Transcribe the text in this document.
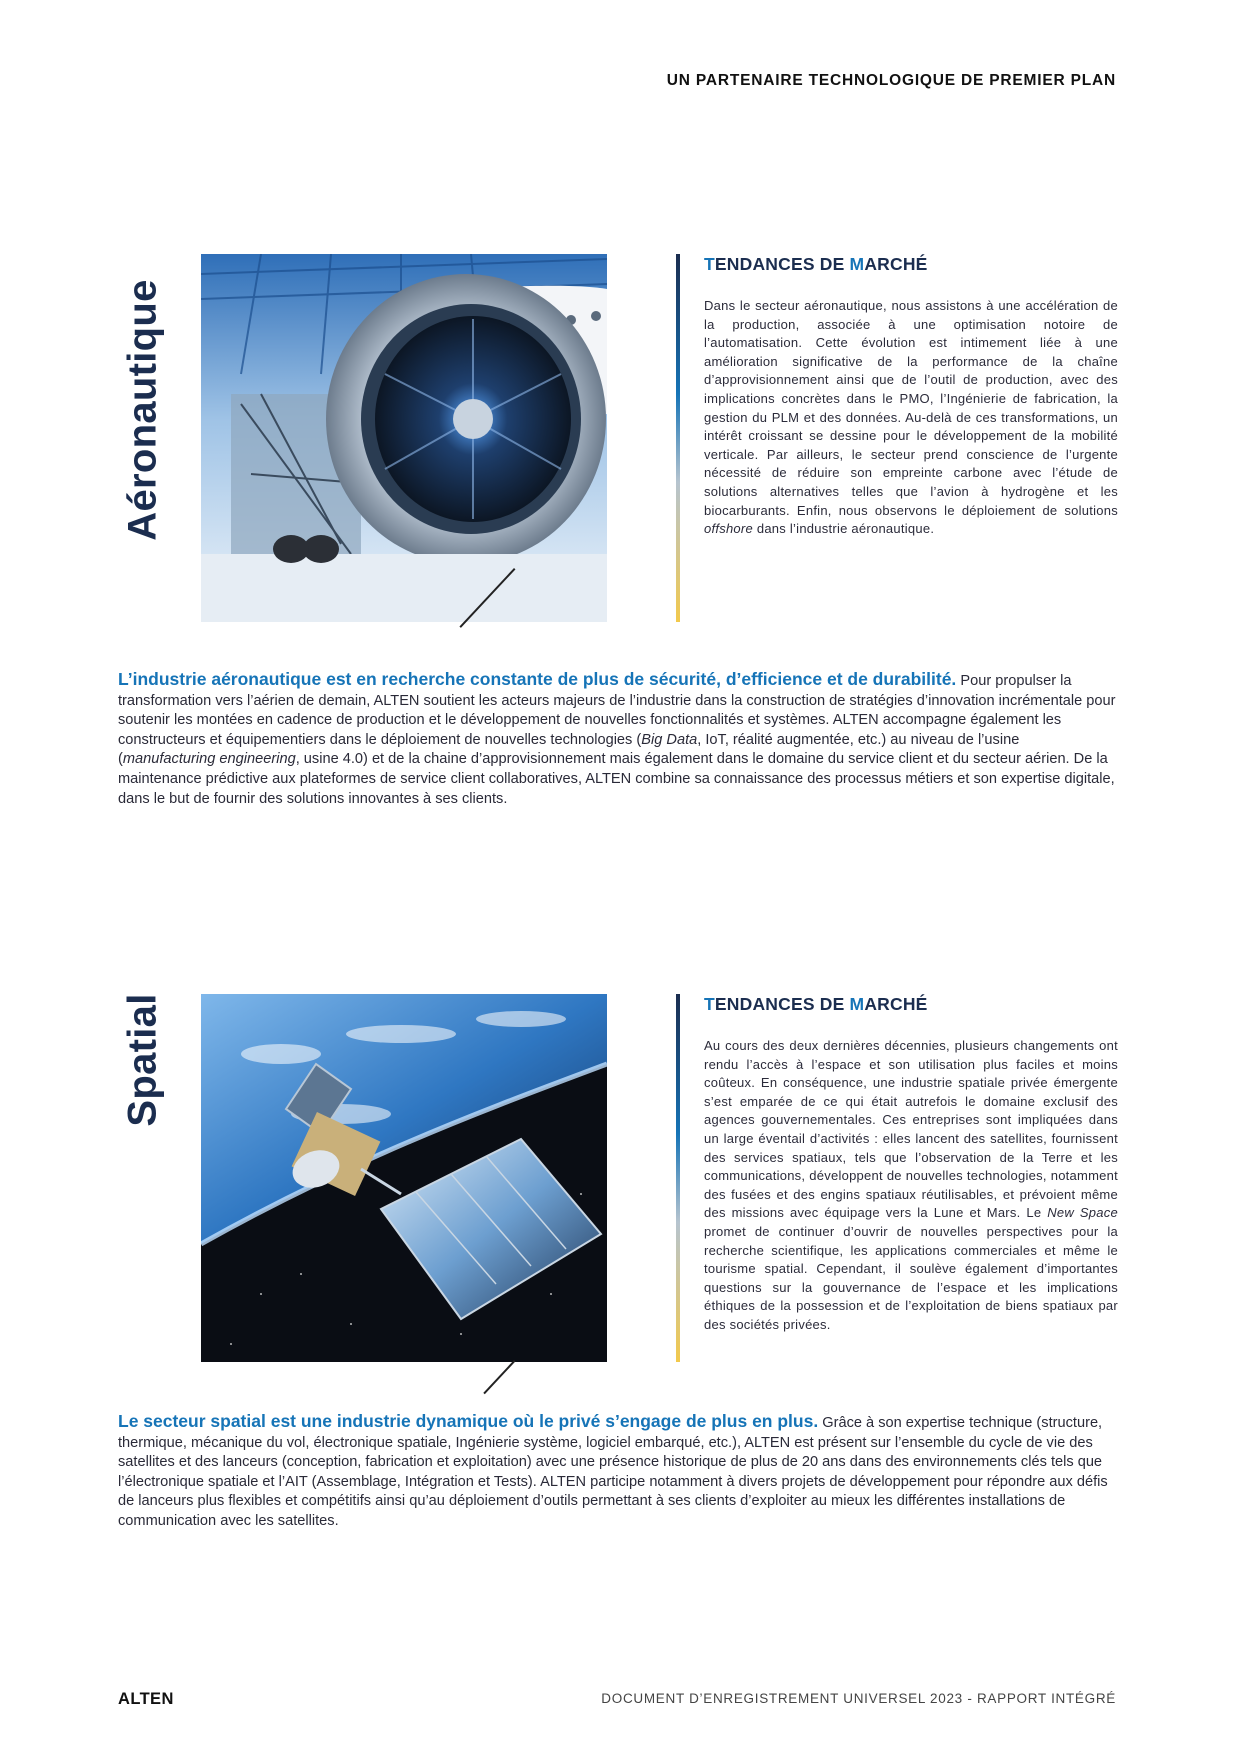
UN PARTENAIRE TECHNOLOGIQUE DE PREMIER PLAN
Aéronautique
TENDANCES DE MARCHÉ

Dans le secteur aéronautique, nous assistons à une accélération de la production, associée à une optimisation notoire de l’automatisation. Cette évolution est intimement liée à une amélioration significative de la performance de la chaîne d’approvisionnement ainsi que de l’outil de production, avec des implications concrètes dans le PMO, l’Ingénierie de fabrication, la gestion du PLM et des données. Au-delà de ces transformations, un intérêt croissant se dessine pour le développement de la mobilité verticale. Par ailleurs, le secteur prend conscience de l’urgente nécessité de réduire son empreinte carbone avec l’étude de solutions alternatives telles que l’avion à hydrogène et les biocarburants. Enfin, nous observons le déploiement de solutions offshore dans l’industrie aéronautique.

L’industrie aéronautique est en recherche constante de plus de sécurité, d’efficience et de durabilité. Pour propulser la transformation vers l’aérien de demain, ALTEN soutient les acteurs majeurs de l’industrie dans la construction de stratégies d’innovation incrémentale pour soutenir les montées en cadence de production et le développement de nouvelles fonctionnalités et systèmes. ALTEN accompagne également les constructeurs et équipementiers dans le déploiement de nouvelles technologies (Big Data, IoT, réalité augmentée, etc.) au niveau de l’usine (manufacturing engineering, usine 4.0) et de la chaine d’approvisionnement mais également dans le domaine du service client et du secteur aérien. De la maintenance prédictive aux plateformes de service client collaboratives, ALTEN combine sa connaissance des processus métiers et son expertise digitale, dans le but de fournir des solutions innovantes à ses clients.
Spatial	TENDANCES DE MARCHÉ

Au cours des deux dernières décennies, plusieurs changements ont rendu l’accès à l’espace et son utilisation plus faciles et moins coûteux. En conséquence, une industrie spatiale privée émergente s’est emparée de ce qui était autrefois le domaine exclusif des agences gouvernementales. Ces entreprises sont impliquées dans un large éventail d’activités : elles lancent des satellites, fournissent des services spatiaux, tels que l’observation de la Terre et les communications, développent de nouvelles technologies, notamment des fusées et des engins spatiaux réutilisables, et prévoient même des missions avec équipage vers la Lune et Mars. Le New Space promet de continuer d’ouvrir de nouvelles perspectives pour la recherche scientifique, les applications commerciales et même le tourisme spatial. Cependant, il soulève également d’importantes questions sur la gouvernance de l’espace et les implications éthiques de la possession et de l’exploitation de biens spatiaux par des sociétés privées.

Le secteur spatial est une industrie dynamique où le privé s’engage de plus en plus. Grâce à son expertise technique (structure, thermique, mécanique du vol, électronique spatiale, Ingénierie système, logiciel embarqué, etc.), ALTEN est présent sur l’ensemble du cycle de vie des satellites et des lanceurs (conception, fabrication et exploitation) avec une présence historique de plus de 20 ans dans des environnements clés tels que l’électronique spatiale et l’AIT (Assemblage, Intégration et Tests). ALTEN participe notamment à divers projets de développement pour répondre aux défis de lanceurs plus flexibles et compétitifs ainsi qu’au déploiement d’outils permettant à ses clients d’exploiter au mieux les différentes installations de communication avec les satellites.
ALTEN	DOCUMENT D’ENREGISTREMENT UNIVERSEL 2023 - RAPPORT INTÉGRÉ
